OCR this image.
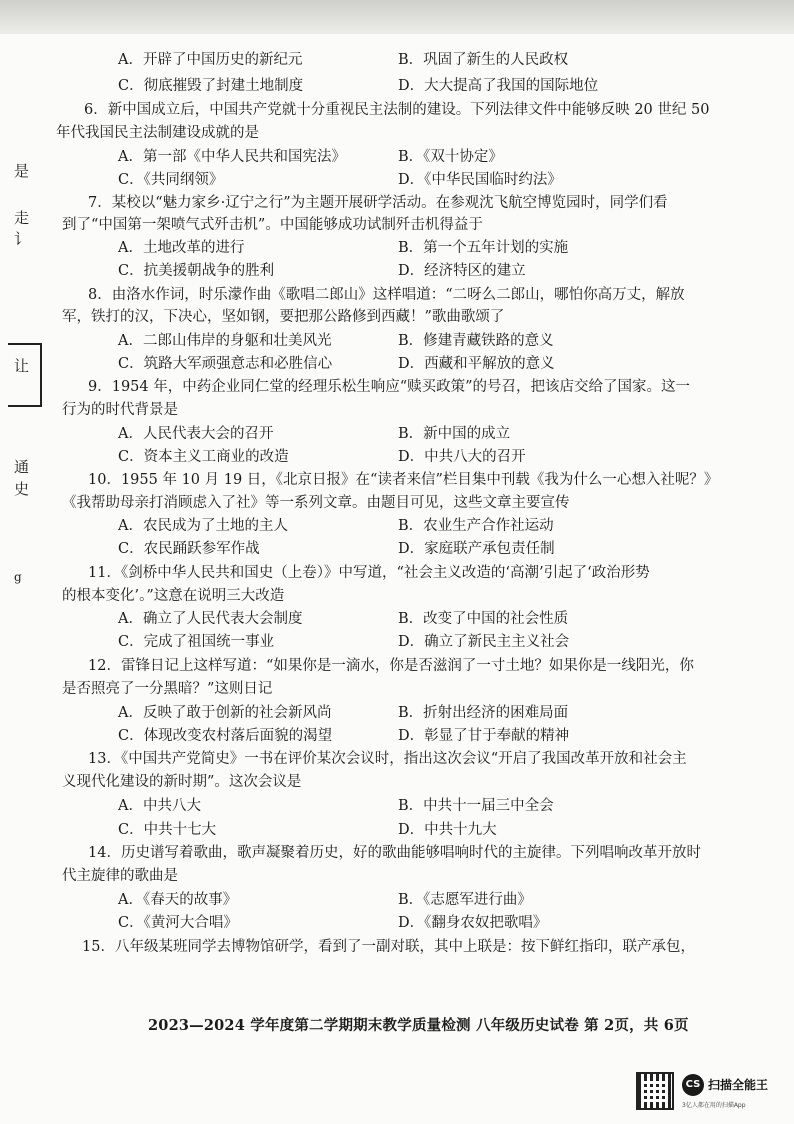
是
走
讠
让
通
史
g
A．开辟了中国历史的新纪元	B．巩固了新生的人民政权
C．彻底摧毁了封建土地制度	D．大大提高了我国的国际地位
6．新中国成立后，中国共产党就十分重视民主法制的建设。下列法律文件中能够反映 20 世纪 50
年代我国民主法制建设成就的是
A．第一部《中华人民共和国宪法》	B．《双十协定》
C．《共同纲领》	D．《中华民国临时约法》
7．某校以“魅力家乡·辽宁之行”为主题开展研学活动。在参观沈飞航空博览园时，同学们看
到了“中国第一架喷气式歼击机”。中国能够成功试制歼击机得益于
A．土地改革的进行	B．第一个五年计划的实施
C．抗美援朝战争的胜利	D．经济特区的建立
8．由洛水作词，时乐濛作曲《歌唱二郎山》这样唱道：“二呀么二郎山，哪怕你高万丈，解放
军，铁打的汉，下决心，坚如钢，要把那公路修到西藏！”歌曲歌颂了
A．二郎山伟岸的身躯和壮美风光	B．修建青藏铁路的意义
C．筑路大军顽强意志和必胜信心	D．西藏和平解放的意义
9．1954 年，中药企业同仁堂的经理乐松生响应“赎买政策”的号召，把该店交给了国家。这一
行为的时代背景是
A．人民代表大会的召开	B．新中国的成立
C．资本主义工商业的改造	D．中共八大的召开
10．1955 年 10 月 19 日，《北京日报》在“读者来信”栏目集中刊载《我为什么一心想入社呢？》
《我帮助母亲打消顾虑入了社》等一系列文章。由题目可见，这些文章主要宣传
A．农民成为了土地的主人	B．农业生产合作社运动
C．农民踊跃参军作战	D．家庭联产承包责任制
11．《剑桥中华人民共和国史（上卷）》中写道，“社会主义改造的‘高潮’引起了‘政治形势
的根本变化’。”这意在说明三大改造
A．确立了人民代表大会制度	B．改变了中国的社会性质
C．完成了祖国统一事业	D．确立了新民主主义社会
12．雷锋日记上这样写道：“如果你是一滴水，你是否滋润了一寸土地？如果你是一线阳光，你
是否照亮了一分黑暗？”这则日记
A．反映了敢于创新的社会新风尚	B．折射出经济的困难局面
C．体现改变农村落后面貌的渴望	D．彰显了甘于奉献的精神
13．《中国共产党简史》一书在评价某次会议时，指出这次会议“开启了我国改革开放和社会主
义现代化建设的新时期”。这次会议是
A．中共八大	B．中共十一届三中全会
C．中共十七大	D．中共十九大
14．历史谱写着歌曲，歌声凝聚着历史，好的歌曲能够唱响时代的主旋律。下列唱响改革开放时
代主旋律的歌曲是
A．《春天的故事》	B．《志愿军进行曲》
C．《黄河大合唱》	D．《翻身农奴把歌唱》
15．八年级某班同学去博物馆研学，看到了一副对联，其中上联是：按下鲜红指印，联产承包，
2023—2024 学年度第二学期期末教学质量检测 八年级历史试卷 第 2页，共 6页
CS 扫描全能王
3亿人都在用的扫描App
